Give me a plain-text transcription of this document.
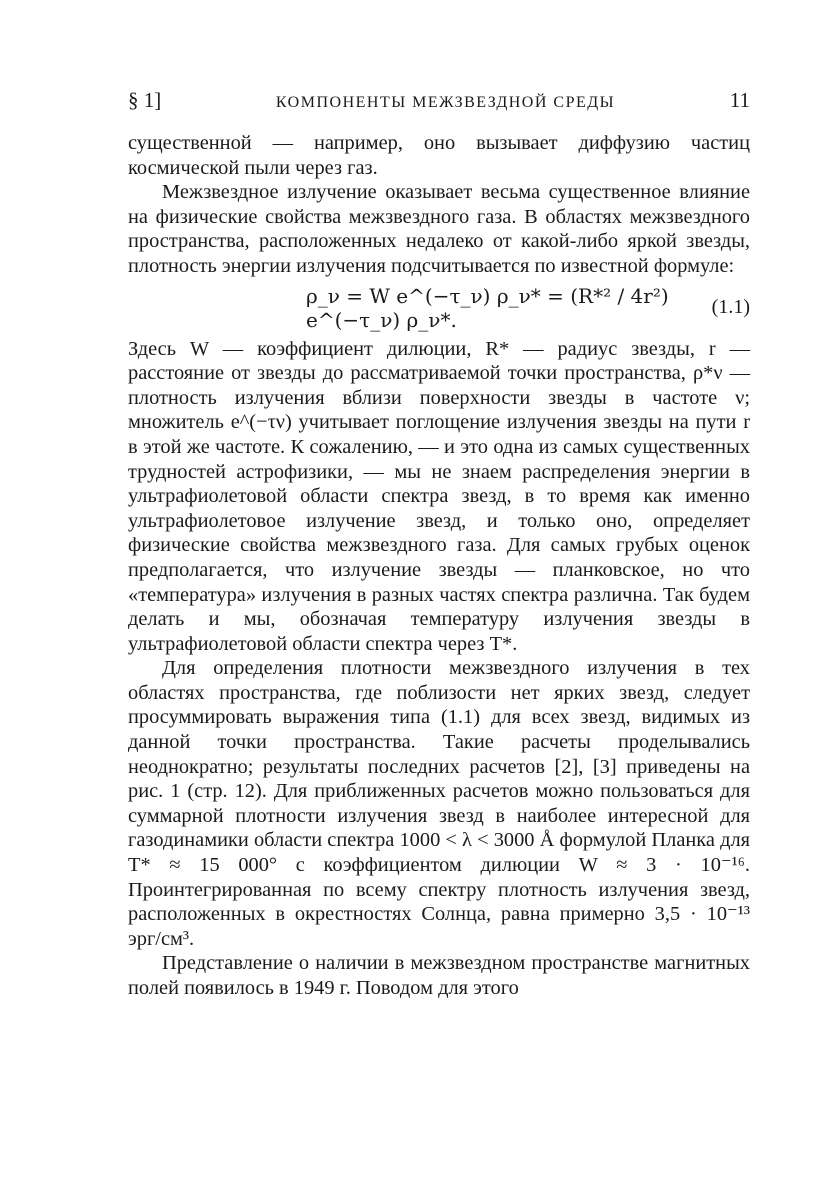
§ 1]	КОМПОНЕНТЫ МЕЖЗВЕЗДНОЙ СРЕДЫ	11

существенной — например, оно вызывает диффузию частиц космической пыли через газ.

Межзвездное излучение оказывает весьма существенное влияние на физические свойства межзвездного газа. В областях межзвездного пространства, расположенных недалеко от какой-либо яркой звезды, плотность энергии излучения подсчитывается по известной формуле:

ρ_ν = W e^(−τ_ν) ρ_ν* = (R*² / 4r²) e^(−τ_ν) ρ_ν*.
(1.1)

Здесь W — коэффициент дилюции, R* — радиус звезды, r — расстояние от звезды до рассматриваемой точки пространства, ρ*ν — плотность излучения вблизи поверхности звезды в частоте ν; множитель e^(−τν) учитывает поглощение излучения звезды на пути r в этой же частоте. К сожалению, — и это одна из самых существенных трудностей астрофизики, — мы не знаем распределения энергии в ультрафиолетовой области спектра звезд, в то время как именно ультрафиолетовое излучение звезд, и только оно, определяет физические свойства межзвездного газа. Для самых грубых оценок предполагается, что излучение звезды — планковское, но что «температура» излучения в разных частях спектра различна. Так будем делать и мы, обозначая температуру излучения звезды в ультрафиолетовой области спектра через T*.

Для определения плотности межзвездного излучения в тех областях пространства, где поблизости нет ярких звезд, следует просуммировать выражения типа (1.1) для всех звезд, видимых из данной точки пространства. Такие расчеты проделывались неоднократно; результаты последних расчетов [2], [3] приведены на рис. 1 (стр. 12). Для приближенных расчетов можно пользоваться для суммарной плотности излучения звезд в наиболее интересной для газодинамики области спектра 1000 < λ < 3000 Å формулой Планка для T* ≈ 15 000° с коэффициентом дилюции W ≈ 3 · 10⁻¹⁶. Проинтегрированная по всему спектру плотность излучения звезд, расположенных в окрестностях Солнца, равна примерно 3,5 · 10⁻¹³ эрг/см³.

Представление о наличии в межзвездном пространстве магнитных полей появилось в 1949 г. Поводом для этого
